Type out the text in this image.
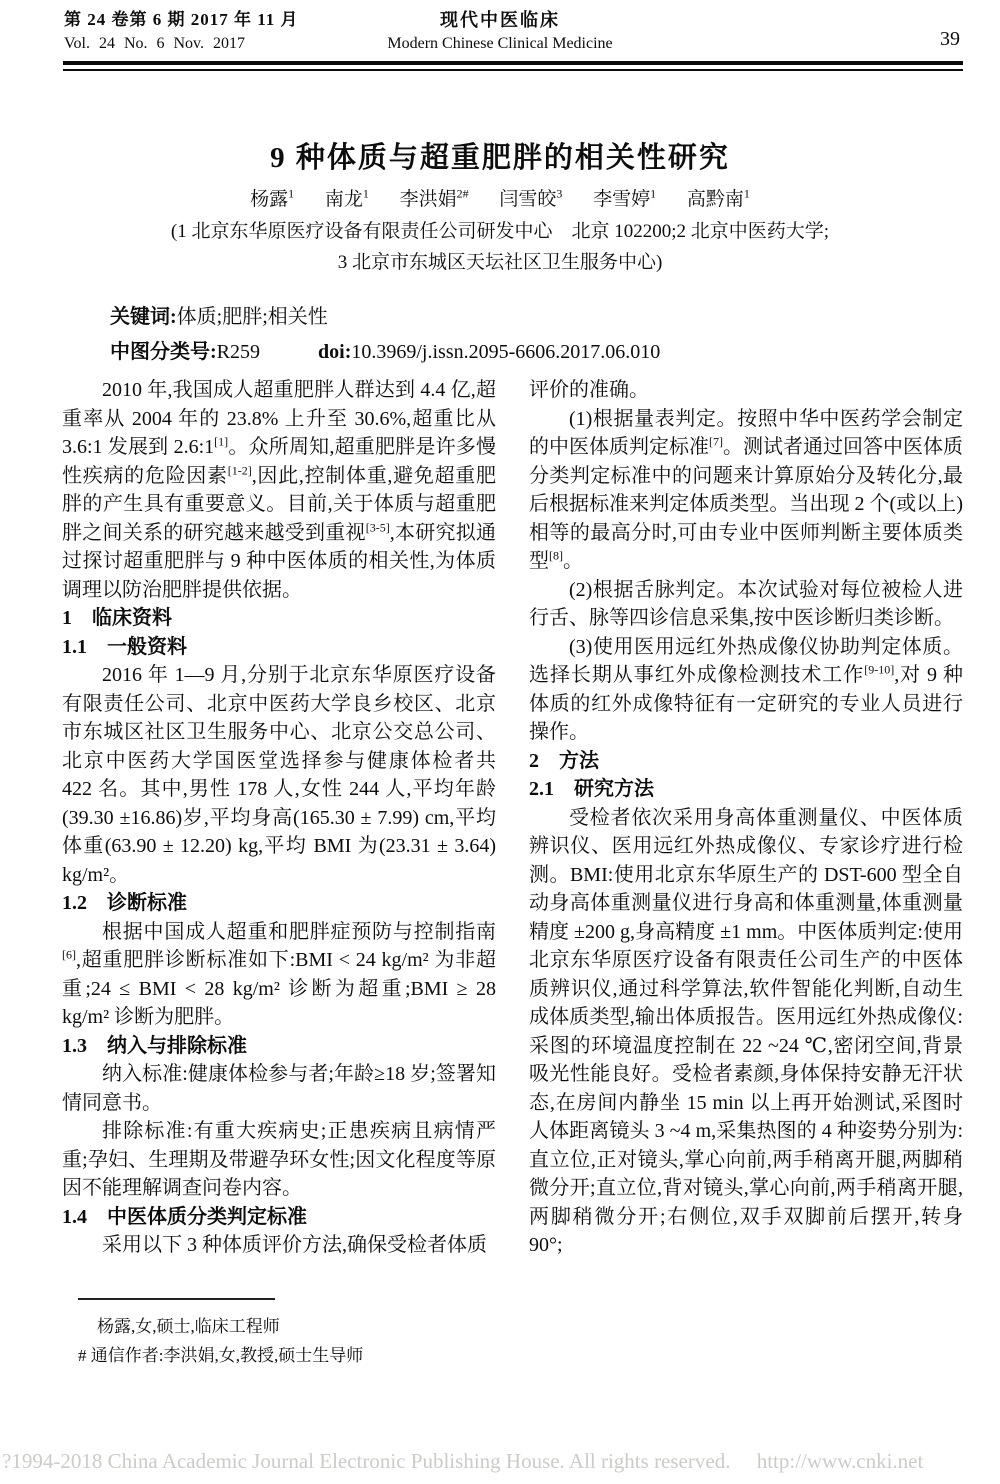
第 24 卷第 6 期 2017 年 11 月
Vol. 24 No. 6 Nov. 2017
现代中医临床
Modern Chinese Clinical Medicine	39
9 种体质与超重肥胖的相关性研究
杨露$^1$ 南龙$^1$ 李洪娟$^{2\#}$ 闫雪皎$^3$ 李雪婷$^1$ 高黔南$^1$
(1 北京东华原医疗设备有限责任公司研发中心　北京 102200;2 北京中医药大学;
3 北京市东城区天坛社区卫生服务中心)
关键词:体质;肥胖;相关性
中图分类号:R259	doi:10.3969/j.issn.2095-6606.2017.06.010

2010 年,我国成人超重肥胖人群达到 4.4 亿,超重率从 2004 年的 23.8% 上升至 30.6%,超重比从 3.6:1 发展到 2.6:1[1]。众所周知,超重肥胖是许多慢性疾病的危险因素[1-2],因此,控制体重,避免超重肥胖的产生具有重要意义。目前,关于体质与超重肥胖之间关系的研究越来越受到重视[3-5],本研究拟通过探讨超重肥胖与 9 种中医体质的相关性,为体质调理以防治肥胖提供依据。

1 临床资料
1.1 一般资料

2016 年 1—9 月,分别于北京东华原医疗设备有限责任公司、北京中医药大学良乡校区、北京市东城区社区卫生服务中心、北京公交总公司、北京中医药大学国医堂选择参与健康体检者共 422 名。其中,男性 178 人,女性 244 人,平均年龄(39.30 ±16.86)岁,平均身高(165.30 ± 7.99) cm,平均体重(63.90 ± 12.20) kg,平均 BMI 为(23.31 ± 3.64) kg/m²。

1.2 诊断标准

根据中国成人超重和肥胖症预防与控制指南[6],超重肥胖诊断标准如下:BMI < 24 kg/m² 为非超重;24 ≤ BMI < 28 kg/m² 诊断为超重;BMI ≥ 28 kg/m² 诊断为肥胖。

1.3 纳入与排除标准

纳入标准:健康体检参与者;年龄≥18 岁;签署知情同意书。

排除标准:有重大疾病史;正患疾病且病情严重;孕妇、生理期及带避孕环女性;因文化程度等原因不能理解调查问卷内容。

1.4 中医体质分类判定标准

采用以下 3 种体质评价方法,确保受检者体质

评价的准确。

(1)根据量表判定。按照中华中医药学会制定的中医体质判定标准[7]。测试者通过回答中医体质分类判定标准中的问题来计算原始分及转化分,最后根据标准来判定体质类型。当出现 2 个(或以上)相等的最高分时,可由专业中医师判断主要体质类型[8]。

(2)根据舌脉判定。本次试验对每位被检人进行舌、脉等四诊信息采集,按中医诊断归类诊断。

(3)使用医用远红外热成像仪协助判定体质。选择长期从事红外成像检测技术工作[9-10],对 9 种体质的红外成像特征有一定研究的专业人员进行操作。

2 方法
2.1 研究方法

受检者依次采用身高体重测量仪、中医体质辨识仪、医用远红外热成像仪、专家诊疗进行检测。BMI:使用北京东华原生产的 DST-600 型全自动身高体重测量仪进行身高和体重测量,体重测量精度 ±200 g,身高精度 ±1 mm。中医体质判定:使用北京东华原医疗设备有限责任公司生产的中医体质辨识仪,通过科学算法,软件智能化判断,自动生成体质类型,输出体质报告。医用远红外热成像仪:采图的环境温度控制在 22 ~24 ℃,密闭空间,背景吸光性能良好。受检者素颜,身体保持安静无汗状态,在房间内静坐 15 min 以上再开始测试,采图时人体距离镜头 3 ~4 m,采集热图的 4 种姿势分别为:直立位,正对镜头,掌心向前,两手稍离开腿,两脚稍微分开;直立位,背对镜头,掌心向前,两手稍离开腿,两脚稍微分开;右侧位,双手双脚前后摆开,转身 90°;

杨露,女,硕士,临床工程师
# 通信作者:李洪娟,女,教授,硕士生导师
?1994-2018 China Academic Journal Electronic Publishing House. All rights reserved.  http://www.cnki.net
